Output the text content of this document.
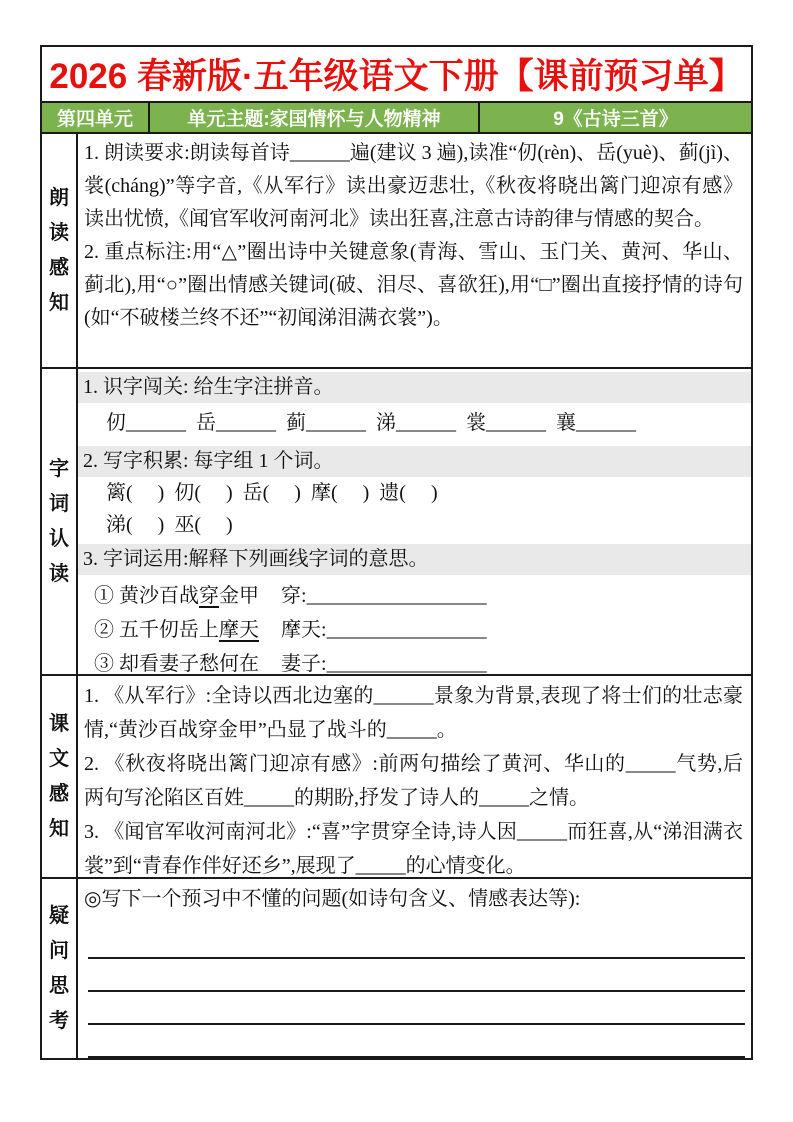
2026 春新版·五年级语文下册【课前预习单】
第四单元	单元主题:家国情怀与人物精神	9《古诗三首》
朗读感知

1. 朗读要求:朗读每首诗______遍(建议 3 遍),读准“仞(rèn)、岳(yuè)、蓟(jì)、裳(cháng)”等字音,《从军行》读出豪迈悲壮,《秋夜将晓出篱门迎凉有感》读出忧愤,《闻官军收河南河北》读出狂喜,注意古诗韵律与情感的契合。

2. 重点标注:用“△”圈出诗中关键意象(青海、雪山、玉门关、黄河、华山、蓟北),用“○”圈出情感关键词(破、泪尽、喜欲狂),用“□”圈出直接抒情的诗句(如“不破楼兰终不还”“初闻涕泪满衣裳”)。

字词认读
1. 识字闯关: 给生字注拼音。
仞______  岳______  蓟______  涕______  裳______  襄______
2. 写字积累: 每字组 1 个词。
篱(     )  仞(     )  岳(     )  摩(     )  遗(     )
涕(     )  巫(     )
3. 字词运用:解释下列画线字词的意思。
① 黄沙百战穿金甲 穿:__________________
② 五千仞岳上摩天 摩天:________________
③ 却看妻子愁何在 妻子:________________
课文感知

1. 《从军行》:全诗以西北边塞的______景象为背景,表现了将士们的壮志豪情,“黄沙百战穿金甲”凸显了战斗的_____。

2. 《秋夜将晓出篱门迎凉有感》:前两句描绘了黄河、华山的_____气势,后两句写沦陷区百姓_____的期盼,抒发了诗人的_____之情。

3. 《闻官军收河南河北》:“喜”字贯穿全诗,诗人因_____而狂喜,从“涕泪满衣裳”到“青春作伴好还乡”,展现了_____的心情变化。

疑问思考
◎写下一个预习中不懂的问题(如诗句含义、情感表达等):
